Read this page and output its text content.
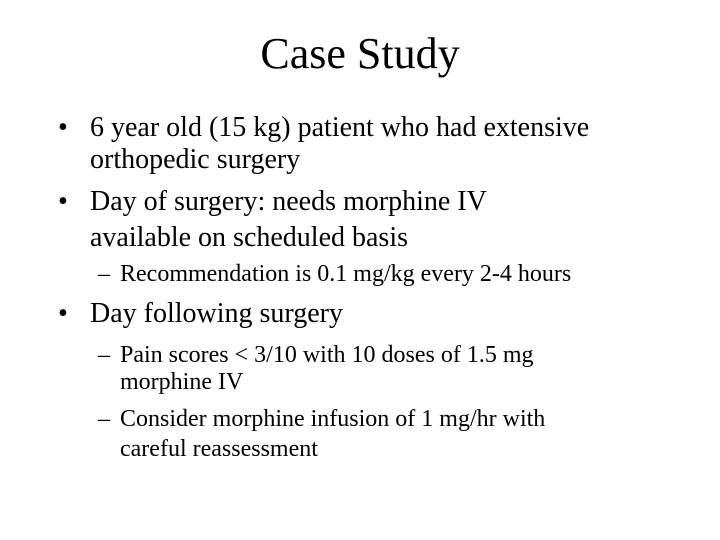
Case Study
• 6 year old (15 kg) patient who had extensive
orthopedic surgery
• Day of surgery: needs morphine IV
available on scheduled basis
– Recommendation is 0.1 mg/kg every 2-4 hours
• Day following surgery
– Pain scores < 3/10 with 10 doses of 1.5 mg
morphine IV
– Consider morphine infusion of 1 mg/hr with
careful reassessment
